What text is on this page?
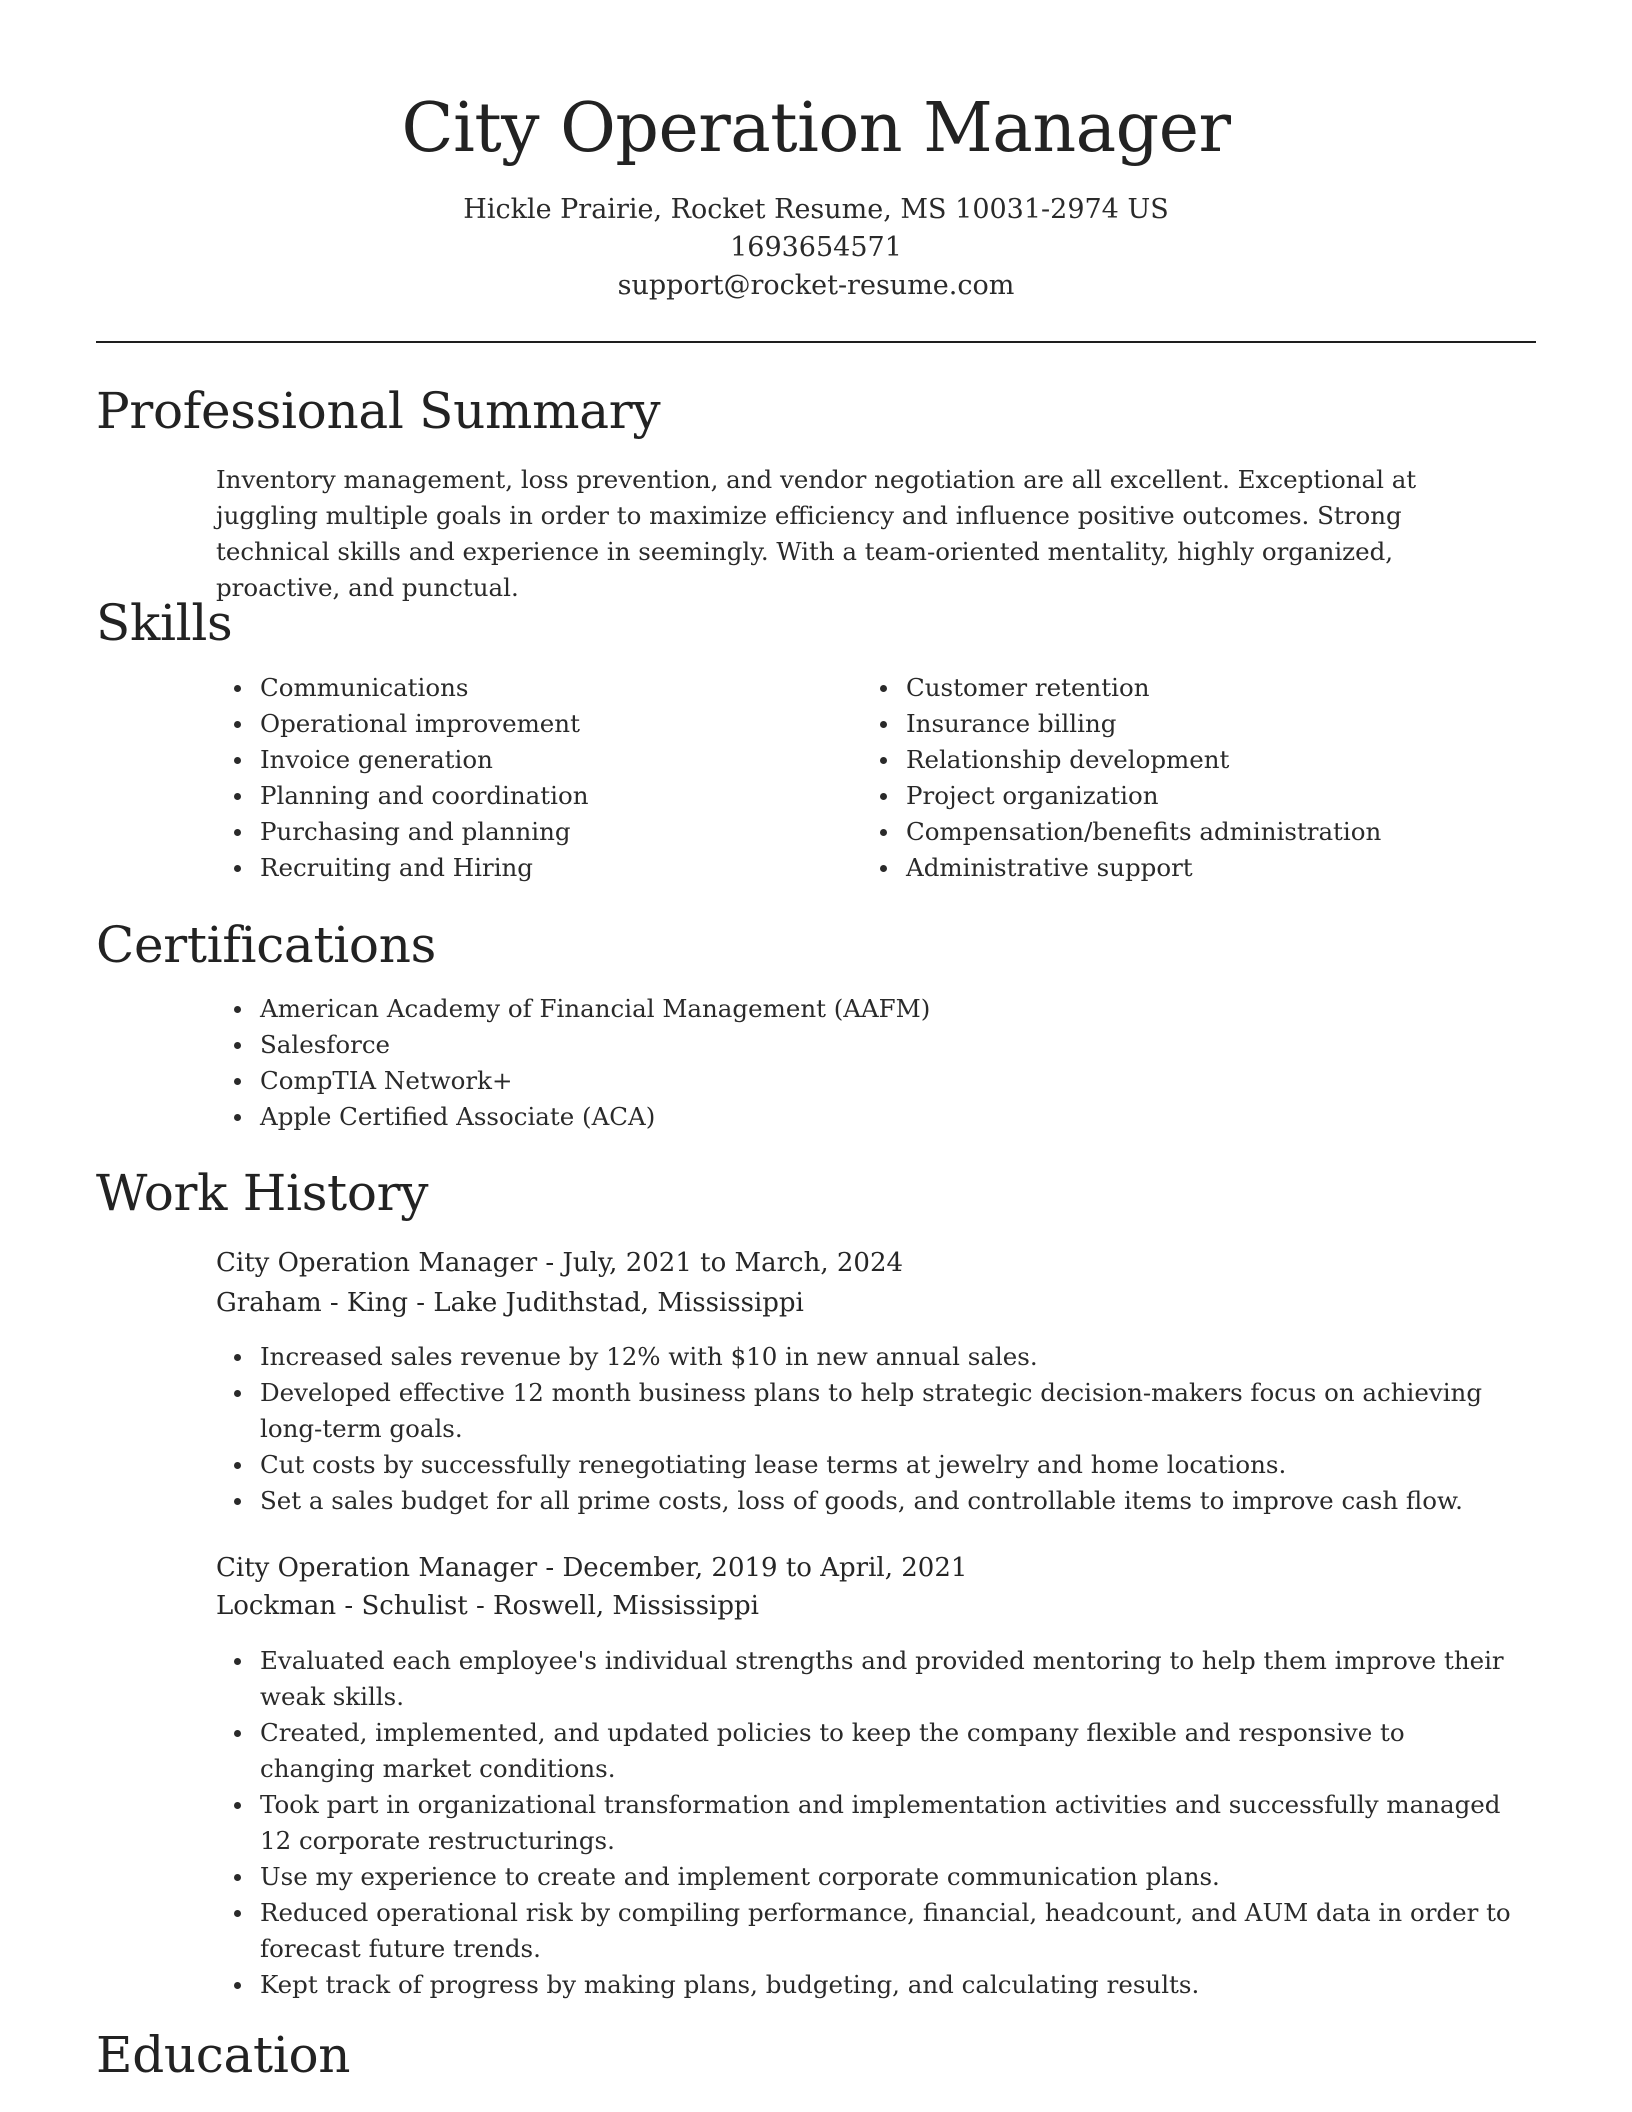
City Operation Manager
Hickle Prairie, Rocket Resume, MS 10031-2974 US
1693654571
support@rocket-resume.com
Professional Summary
Inventory management, loss prevention, and vendor negotiation are all excellent. Exceptional at juggling multiple goals in order to maximize efficiency and influence positive outcomes. Strong technical skills and experience in seemingly. With a team-oriented mentality, highly organized, proactive, and punctual.
Skills
Communications
Operational improvement
Invoice generation
Planning and coordination
Purchasing and planning
Recruiting and Hiring
Customer retention
Insurance billing
Relationship development
Project organization
Compensation/benefits administration
Administrative support
Certifications
American Academy of Financial Management (AAFM)
Salesforce
CompTIA Network+
Apple Certified Associate (ACA)
Work History
City Operation Manager - July, 2021 to March, 2024
Graham - King - Lake Judithstad, Mississippi
Increased sales revenue by 12% with $10 in new annual sales.
Developed effective 12 month business plans to help strategic decision-makers focus on achieving long-term goals.
Cut costs by successfully renegotiating lease terms at jewelry and home locations.
Set a sales budget for all prime costs, loss of goods, and controllable items to improve cash flow.
City Operation Manager - December, 2019 to April, 2021
Lockman - Schulist - Roswell, Mississippi
Evaluated each employee's individual strengths and provided mentoring to help them improve their weak skills.
Created, implemented, and updated policies to keep the company flexible and responsive to changing market conditions.
Took part in organizational transformation and implementation activities and successfully managed 12 corporate restructurings.
Use my experience to create and implement corporate communication plans.
Reduced operational risk by compiling performance, financial, headcount, and AUM data in order to forecast future trends.
Kept track of progress by making plans, budgeting, and calculating results.
Education
